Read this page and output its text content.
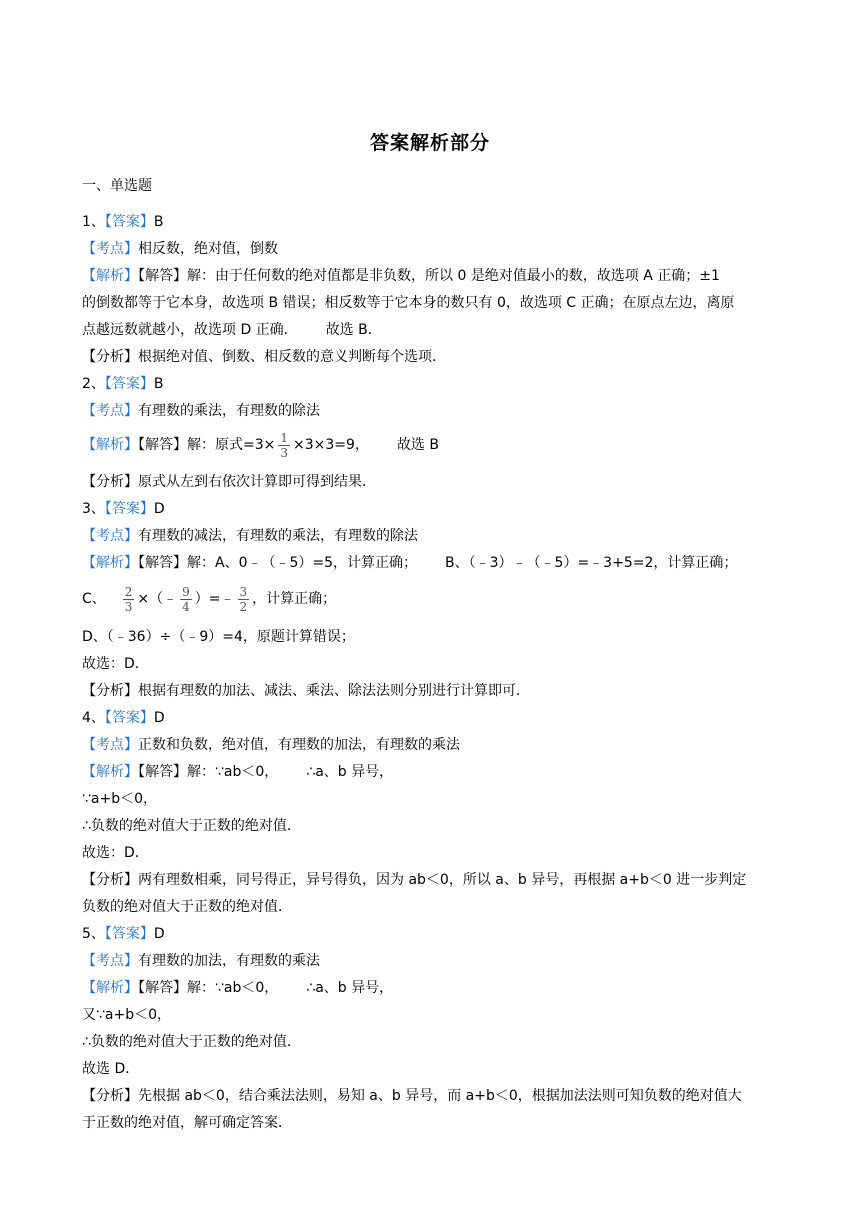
答案解析部分
一、单选题
1、【答案】B
【考点】相反数，绝对值，倒数
【解析】【解答】解：由于任何数的绝对值都是非负数，所以 0 是绝对值最小的数，故选项 A 正确；±1
的倒数都等于它本身，故选项 B 错误；相反数等于它本身的数只有 0，故选项 C 正确；在原点左边，离原
点越远数就越小，故选项 D 正确． 故选 B．
【分析】根据绝对值、倒数、相反数的意义判断每个选项．
2、【答案】B
【考点】有理数的乘法，有理数的除法
【解析】【解答】解：原式$=3\times \frac{1}{3} \times 3\times 3=9$， 故选 B
【分析】原式从左到右依次计算即可得到结果．
3、【答案】D
【考点】有理数的减法，有理数的乘法，有理数的除法
【解析】【解答】解：A、0﹣（﹣5）=5，计算正确； B、（﹣3）﹣（﹣5）=﹣3+5=2，计算正确；
C、 $\frac{2}{3}$ ×（﹣ $\frac{9}{4}$ ）=﹣ $\frac{3}{2}$ ，计算正确；
D、（﹣36）÷（﹣9）=4，原题计算错误；
故选：D．
【分析】根据有理数的加法、减法、乘法、除法法则分别进行计算即可．
4、【答案】D
【考点】正数和负数，绝对值，有理数的加法，有理数的乘法
【解析】【解答】解：∵ab＜0， ∴a、b 异号，
∵a+b＜0，
∴负数的绝对值大于正数的绝对值．
故选：D．
【分析】两有理数相乘，同号得正，异号得负，因为 ab＜0，所以 a、b 异号，再根据 a+b＜0 进一步判定
负数的绝对值大于正数的绝对值．
5、【答案】D
【考点】有理数的加法，有理数的乘法
【解析】【解答】解：∵ab＜0， ∴a、b 异号，
又∵a+b＜0，
∴负数的绝对值大于正数的绝对值．
故选 D．
【分析】先根据 ab＜0，结合乘法法则，易知 a、b 异号，而 a+b＜0，根据加法法则可知负数的绝对值大
于正数的绝对值，解可确定答案．
